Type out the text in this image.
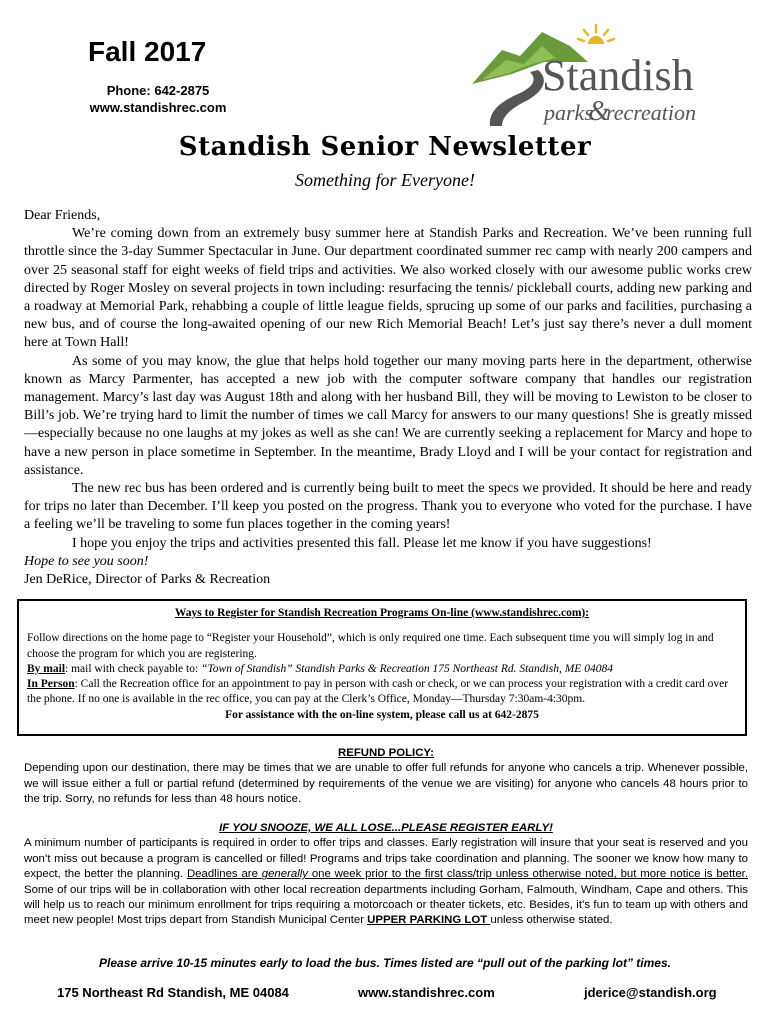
Fall 2017
Phone: 642-2875
www.standishrec.com
Standish
parks
&
recreation
Standish Senior Newsletter
Something for Everyone!

Dear Friends,

We’re coming down from an extremely busy summer here at Standish Parks and Recreation. We’ve been running full throttle since the 3-day Summer Spectacular in June. Our department coordinated summer rec camp with nearly 200 campers and over 25 seasonal staff for eight weeks of field trips and activities. We also worked closely with our awesome public works crew directed by Roger Mosley on several projects in town including: resurfacing the tennis/ pickleball courts, adding new parking and a roadway at Memorial Park, rehabbing a couple of little league fields, sprucing up some of our parks and facilities, purchasing a new bus, and of course the long-awaited opening of our new Rich Memorial Beach! Let’s just say there’s never a dull moment here at Town Hall!

As some of you may know, the glue that helps hold together our many moving parts here in the department, otherwise known as Marcy Parmenter, has accepted a new job with the computer software company that handles our registration management. Marcy’s last day was August 18th and along with her husband Bill, they will be moving to Lewiston to be closer to Bill’s job. We’re trying hard to limit the number of times we call Marcy for answers to our many questions! She is greatly missed—especially because no one laughs at my jokes as well as she can! We are currently seeking a replacement for Marcy and hope to have a new person in place sometime in September. In the meantime, Brady Lloyd and I will be your contact for registration and assistance.

The new rec bus has been ordered and is currently being built to meet the specs we provided. It should be here and ready for trips no later than December. I’ll keep you posted on the progress. Thank you to everyone who voted for the purchase. I have a feeling we’ll be traveling to some fun places together in the coming years!

I hope you enjoy the trips and activities presented this fall. Please let me know if you have suggestions!

Hope to see you soon!

Jen DeRice, Director of Parks & Recreation

Ways to Register for Standish Recreation Programs On-line (www.standishrec.com):

Follow directions on the home page to “Register your Household”, which is only required one time. Each subsequent time you will simply log in and choose the program for which you are registering.

By mail: mail with check payable to: “Town of Standish” Standish Parks & Recreation 175 Northeast Rd. Standish, ME 04084

In Person: Call the Recreation office for an appointment to pay in person with cash or check, or we can process your registration with a credit card over the phone. If no one is available in the rec office, you can pay at the Clerk’s Office, Monday—Thursday 7:30am-4:30pm.

For assistance with the on-line system, please call us at 642-2875

REFUND POLICY:

Depending upon our destination, there may be times that we are unable to offer full refunds for anyone who cancels a trip. Whenever possible, we will issue either a full or partial refund (determined by requirements of the venue we are visiting) for anyone who cancels 48 hours prior to the trip. Sorry, no refunds for less than 48 hours notice.

IF YOU SNOOZE, WE ALL LOSE...PLEASE REGISTER EARLY!

A minimum number of participants is required in order to offer trips and classes. Early registration will insure that your seat is reserved and you won’t miss out because a program is cancelled or filled! Programs and trips take coordination and planning. The sooner we know how many to expect, the better the planning. Deadlines are generally one week prior to the first class/trip unless otherwise noted, but more notice is better. Some of our trips will be in collaboration with other local recreation departments including Gorham, Falmouth, Windham, Cape and others. This will help us to reach our minimum enrollment for trips requiring a motorcoach or theater tickets, etc. Besides, it’s fun to team up with others and meet new people! Most trips depart from Standish Municipal Center UPPER PARKING LOT unless otherwise stated.

Please arrive 10-15 minutes early to load the bus. Times listed are “pull out of the parking lot” times.
175 Northeast Rd Standish, ME 04084	www.standishrec.com	jderice@standish.org
